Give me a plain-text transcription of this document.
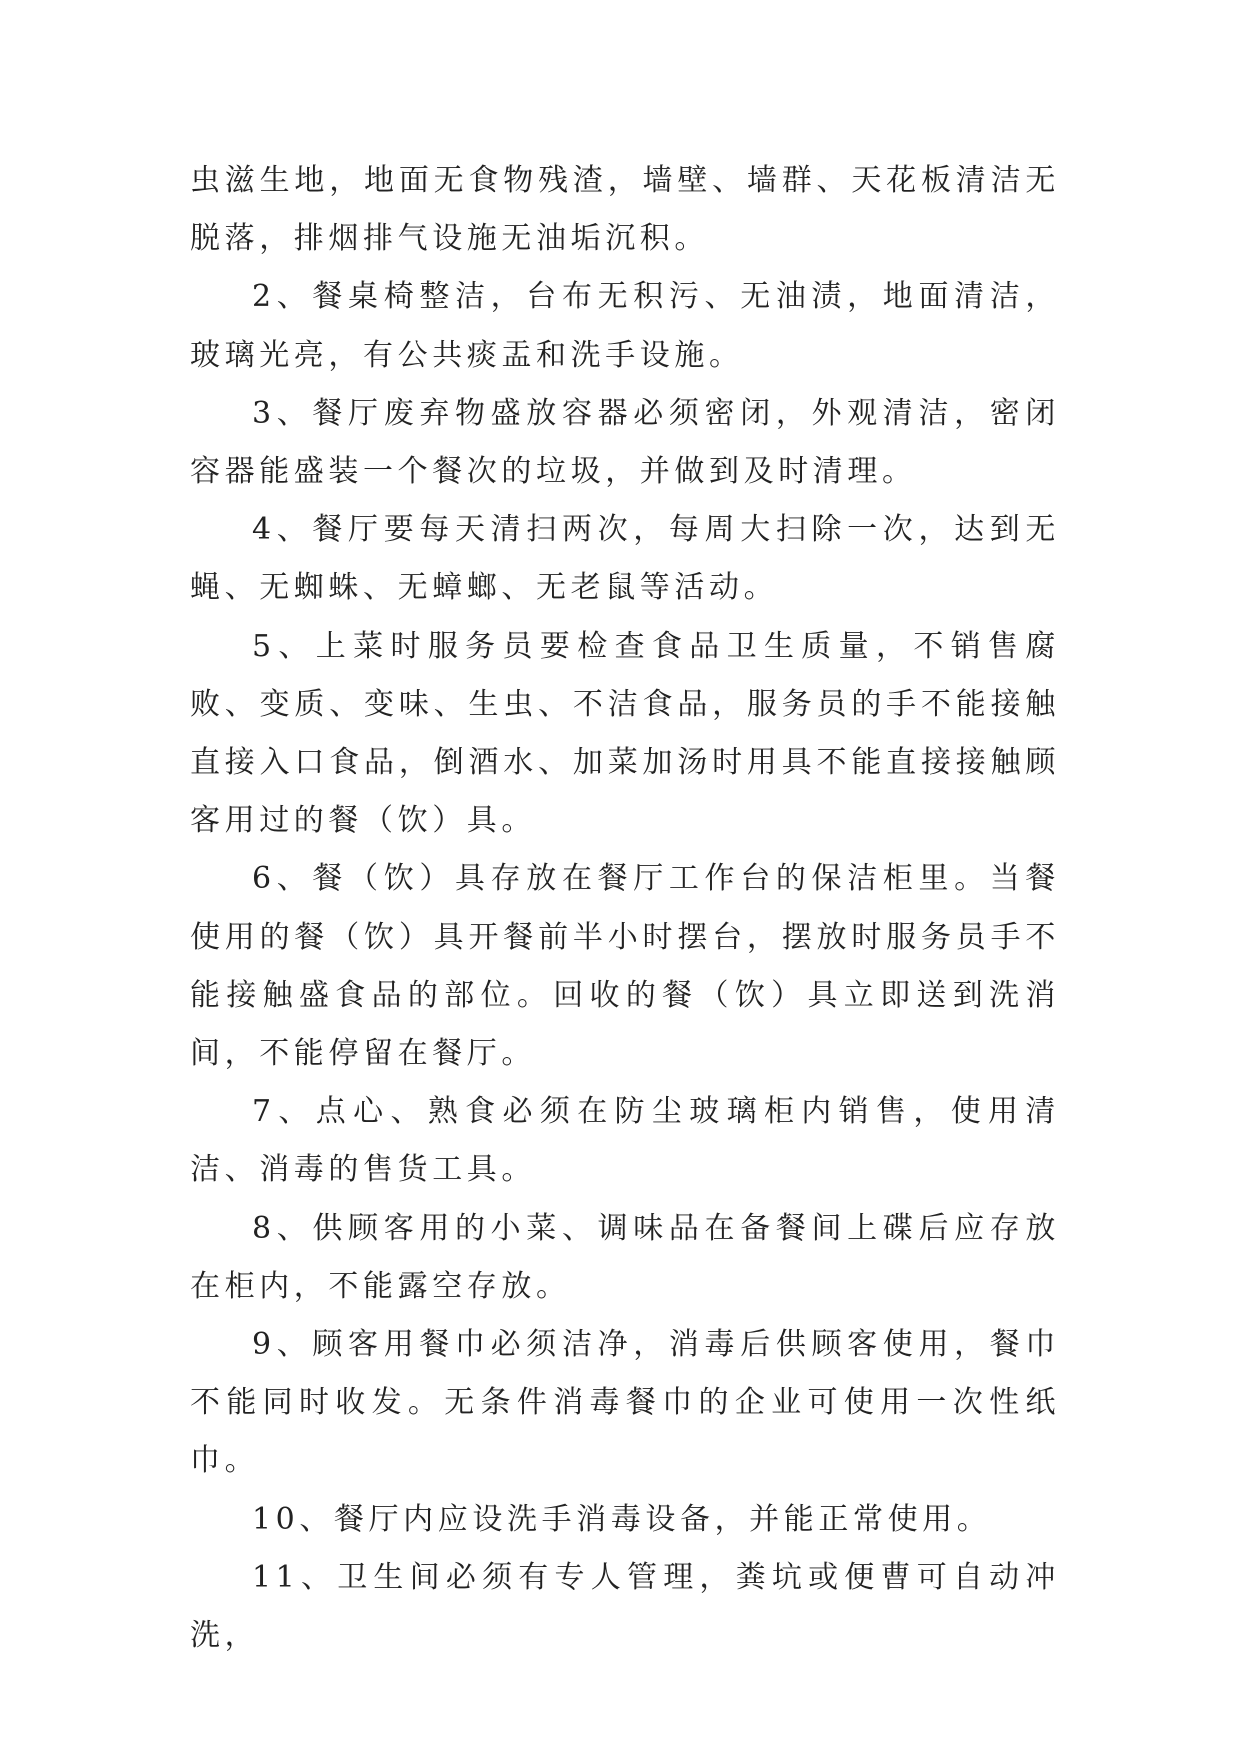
虫滋生地，地面无食物残渣，墙壁、墙群、天花板清洁无脱落，排烟排气设施无油垢沉积。

2、餐桌椅整洁，台布无积污、无油渍，地面清洁，玻璃光亮，有公共痰盂和洗手设施。

3、餐厅废弃物盛放容器必须密闭，外观清洁，密闭容器能盛装一个餐次的垃圾，并做到及时清理。

4、餐厅要每天清扫两次，每周大扫除一次，达到无蝇、无蜘蛛、无蟑螂、无老鼠等活动。

5、上菜时服务员要检查食品卫生质量，不销售腐败、变质、变味、生虫、不洁食品，服务员的手不能接触直接入口食品，倒酒水、加菜加汤时用具不能直接接触顾客用过的餐（饮）具。

6、餐（饮）具存放在餐厅工作台的保洁柜里。当餐使用的餐（饮）具开餐前半小时摆台，摆放时服务员手不能接触盛食品的部位。回收的餐（饮）具立即送到洗消间，不能停留在餐厅。

7、点心、熟食必须在防尘玻璃柜内销售，使用清洁、消毒的售货工具。

8、供顾客用的小菜、调味品在备餐间上碟后应存放在柜内，不能露空存放。

9、顾客用餐巾必须洁净，消毒后供顾客使用，餐巾不能同时收发。无条件消毒餐巾的企业可使用一次性纸巾。

10、餐厅内应设洗手消毒设备，并能正常使用。

11、卫生间必须有专人管理，粪坑或便曹可自动冲洗，
